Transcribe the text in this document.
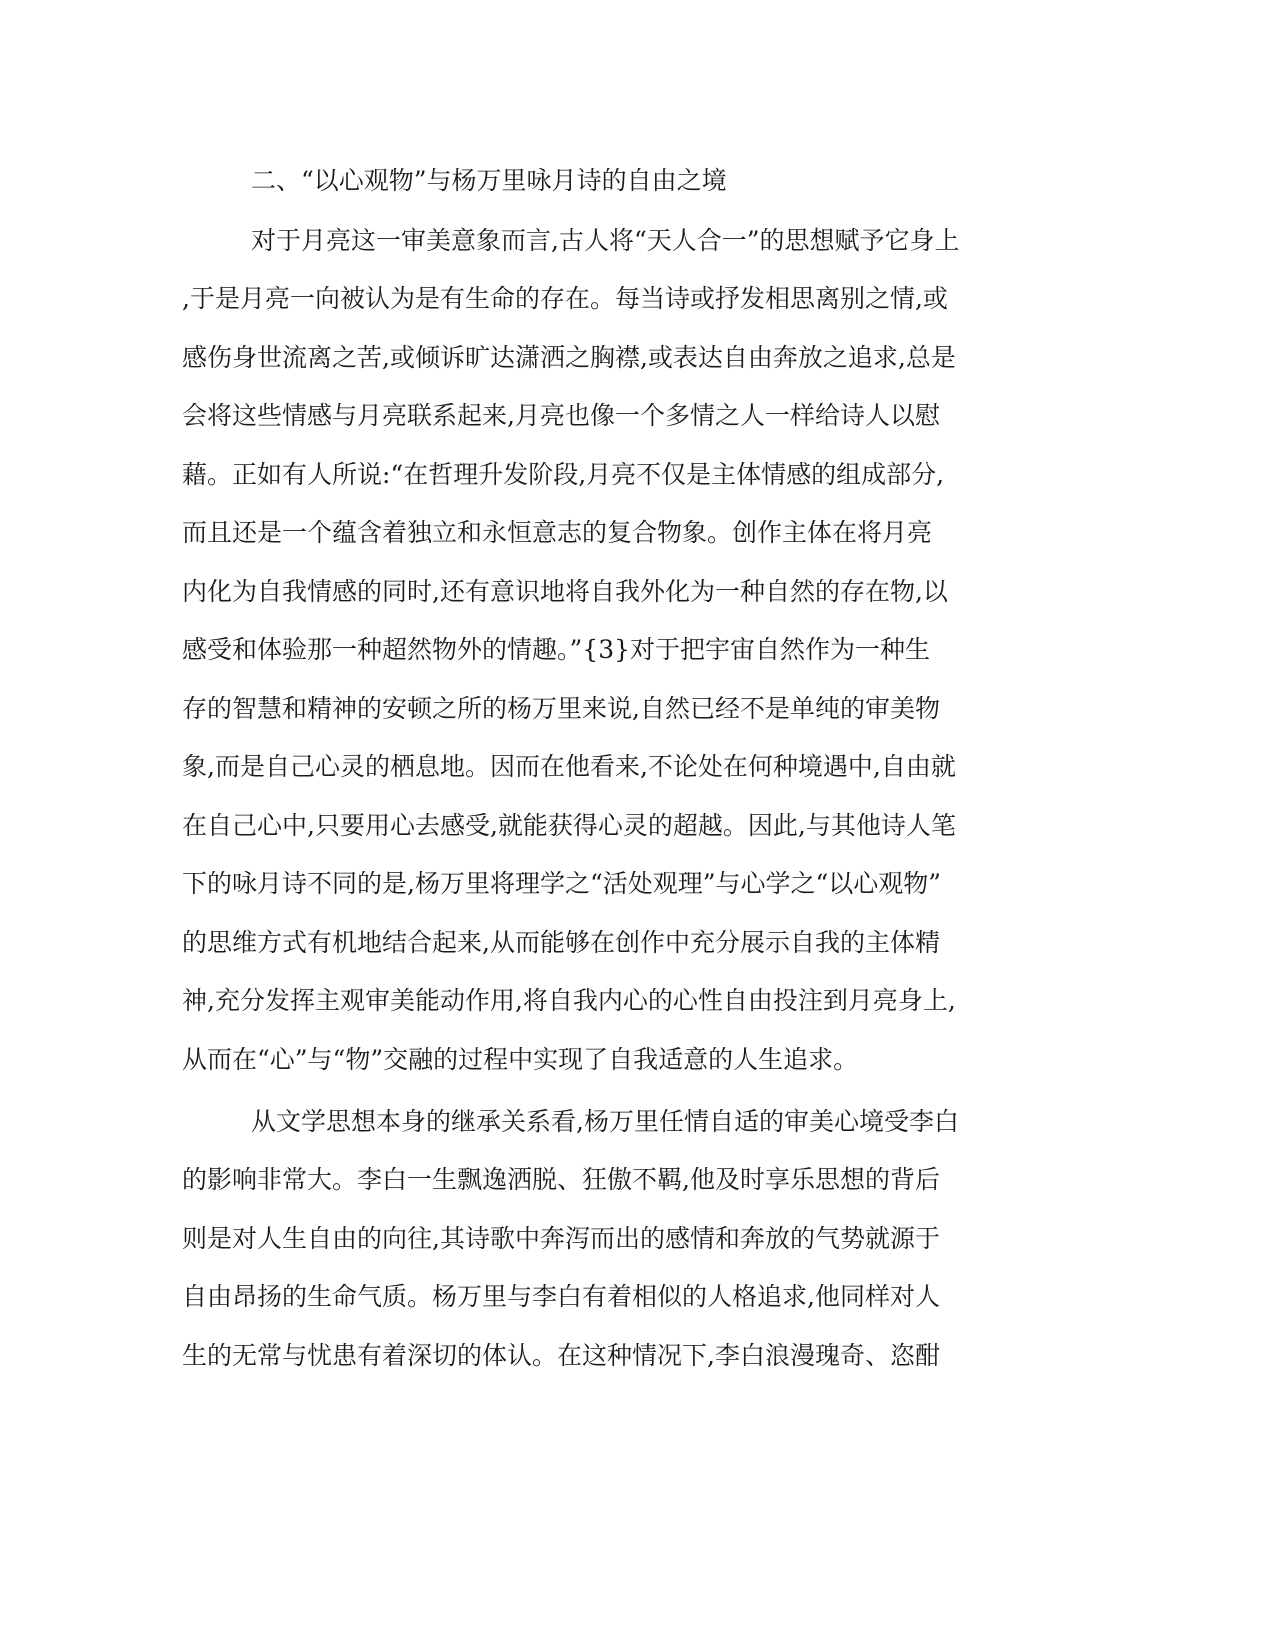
二、“以心观物”与杨万里咏月诗的自由之境
对于月亮这一审美意象而言,古人将“天人合一”的思想赋予它身上
,于是月亮一向被认为是有生命的存在。每当诗或抒发相思离别之情,或
感伤身世流离之苦,或倾诉旷达潇洒之胸襟,或表达自由奔放之追求,总是
会将这些情感与月亮联系起来,月亮也像一个多情之人一样给诗人以慰
藉。正如有人所说:“在哲理升发阶段,月亮不仅是主体情感的组成部分,
而且还是一个蕴含着独立和永恒意志的复合物象。创作主体在将月亮
内化为自我情感的同时,还有意识地将自我外化为一种自然的存在物,以
感受和体验那一种超然物外的情趣。”{3}对于把宇宙自然作为一种生
存的智慧和精神的安顿之所的杨万里来说,自然已经不是单纯的审美物
象,而是自己心灵的栖息地。因而在他看来,不论处在何种境遇中,自由就
在自己心中,只要用心去感受,就能获得心灵的超越。因此,与其他诗人笔
下的咏月诗不同的是,杨万里将理学之“活处观理”与心学之“以心观物”
的思维方式有机地结合起来,从而能够在创作中充分展示自我的主体精
神,充分发挥主观审美能动作用,将自我内心的心性自由投注到月亮身上,
从而在“心”与“物”交融的过程中实现了自我适意的人生追求。
从文学思想本身的继承关系看,杨万里任情自适的审美心境受李白
的影响非常大。李白一生飘逸洒脱、狂傲不羁,他及时享乐思想的背后
则是对人生自由的向往,其诗歌中奔泻而出的感情和奔放的气势就源于
自由昂扬的生命气质。杨万里与李白有着相似的人格追求,他同样对人
生的无常与忧患有着深切的体认。在这种情况下,李白浪漫瑰奇、恣酣
